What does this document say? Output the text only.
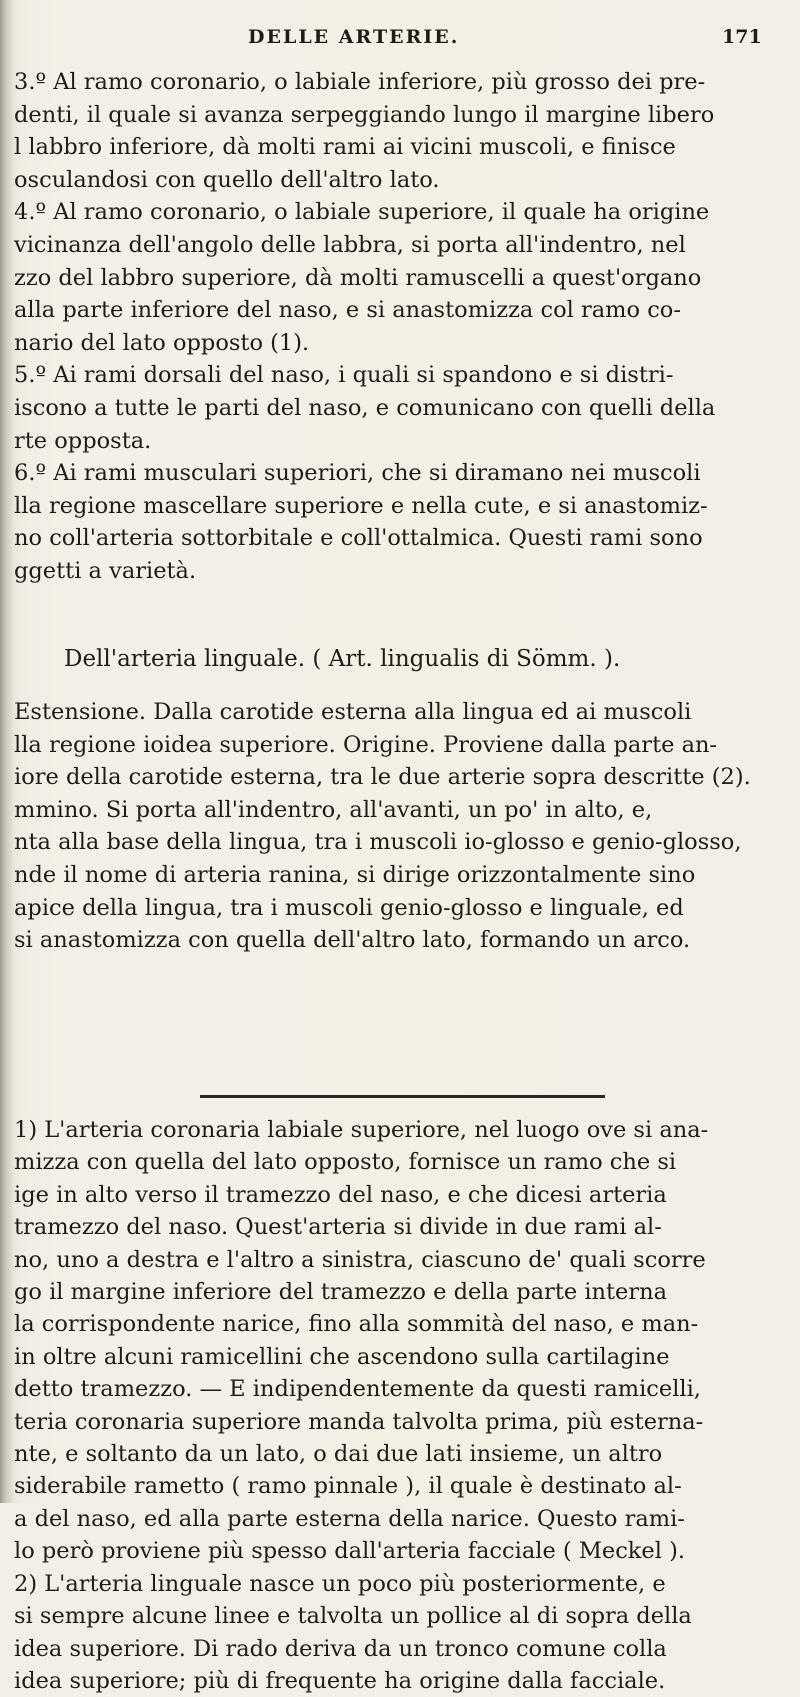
DELLE ARTERIE.	171

3.º Al ramo coronario, o labiale inferiore, più grosso dei pre-

denti, il quale si avanza serpeggiando lungo il margine libero

l labbro inferiore, dà molti rami ai vicini muscoli, e finisce

osculandosi con quello dell'altro lato.

4.º Al ramo coronario, o labiale superiore, il quale ha origine

vicinanza dell'angolo delle labbra, si porta all'indentro, nel

zzo del labbro superiore, dà molti ramuscelli a quest'organo

alla parte inferiore del naso, e si anastomizza col ramo co-

nario del lato opposto (1).

5.º Ai rami dorsali del naso, i quali si spandono e si distri-

iscono a tutte le parti del naso, e comunicano con quelli della

rte opposta.

6.º Ai rami musculari superiori, che si diramano nei muscoli

lla regione mascellare superiore e nella cute, e si anastomiz-

no coll'arteria sottorbitale e coll'ottalmica. Questi rami sono

ggetti a varietà.

Dell'arteria linguale. ( Art. lingualis di Sömm. ).

Estensione. Dalla carotide esterna alla lingua ed ai muscoli

lla regione ioidea superiore. Origine. Proviene dalla parte an-

iore della carotide esterna, tra le due arterie sopra descritte (2).

mmino. Si porta all'indentro, all'avanti, un po' in alto, e,

nta alla base della lingua, tra i muscoli io-glosso e genio-glosso,

nde il nome di arteria ranina, si dirige orizzontalmente sino

apice della lingua, tra i muscoli genio-glosso e linguale, ed

si anastomizza con quella dell'altro lato, formando un arco.

1) L'arteria coronaria labiale superiore, nel luogo ove si ana-

mizza con quella del lato opposto, fornisce un ramo che si

ige in alto verso il tramezzo del naso, e che dicesi arteria

tramezzo del naso. Quest'arteria si divide in due rami al-

no, uno a destra e l'altro a sinistra, ciascuno de' quali scorre

go il margine inferiore del tramezzo e della parte interna

la corrispondente narice, fino alla sommità del naso, e man-

in oltre alcuni ramicellini che ascendono sulla cartilagine

detto tramezzo. — E indipendentemente da questi ramicelli,

teria coronaria superiore manda talvolta prima, più esterna-

nte, e soltanto da un lato, o dai due lati insieme, un altro

siderabile rametto ( ramo pinnale ), il quale è destinato al-

a del naso, ed alla parte esterna della narice. Questo rami-

lo però proviene più spesso dall'arteria facciale ( Meckel ).

2) L'arteria linguale nasce un poco più posteriormente, e

si sempre alcune linee e talvolta un pollice al di sopra della

idea superiore. Di rado deriva da un tronco comune colla

idea superiore; più di frequente ha origine dalla facciale.
